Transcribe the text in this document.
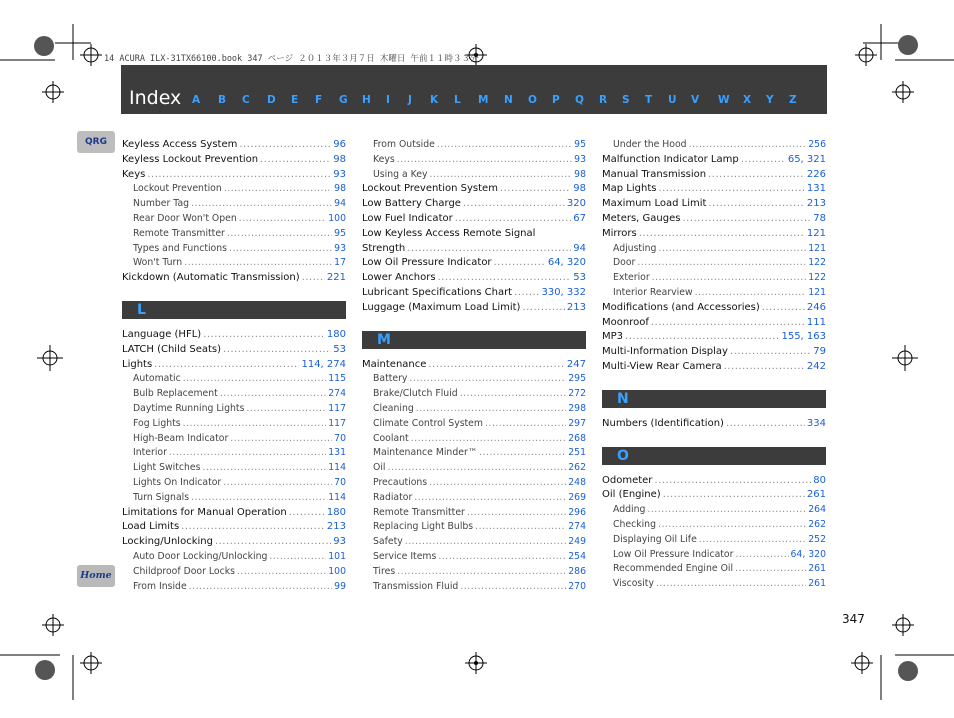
14 ACURA ILX-31TX66100.book 347 ページ ２０１３年３月７日 木曜日 午前１１時３３分
Index A B C D E F G H I J K L M N O P Q R S T U V W X Y Z
QRG
Home
Keyless Access System .....	96
Keyless Lockout Prevention .....	98
Keys .....	93
Lockout Prevention .....	98
Number Tag .....	94
Rear Door Won't Open .....	100
Remote Transmitter .....	95
Types and Functions .....	93
Won't Turn .....	17
Kickdown (Automatic Transmission) .....	221
L
Language (HFL) .....	180
LATCH (Child Seats) .....	53
Lights .....	114, 274
Automatic .....	115
Bulb Replacement .....	274
Daytime Running Lights .....	117
Fog Lights .....	117
High-Beam Indicator .....	70
Interior .....	131
Light Switches .....	114
Lights On Indicator .....	70
Turn Signals .....	114
Limitations for Manual Operation .....	180
Load Limits .....	213
Locking/Unlocking .....	93
Auto Door Locking/Unlocking .....	101
Childproof Door Locks .....	100
From Inside .....	99
From Outside .....	95
Keys .....	93
Using a Key .....	98
Lockout Prevention System .....	98
Low Battery Charge .....	320
Low Fuel Indicator .....	67
Low Keyless Access Remote Signal
Strength .....	94
Low Oil Pressure Indicator .....	64, 320
Lower Anchors .....	53
Lubricant Specifications Chart .....	330, 332
Luggage (Maximum Load Limit) .....	213
M
Maintenance .....	247
Battery .....	295
Brake/Clutch Fluid .....	272
Cleaning .....	298
Climate Control System .....	297
Coolant .....	268
Maintenance Minder™ .....	251
Oil .....	262
Precautions .....	248
Radiator .....	269
Remote Transmitter .....	296
Replacing Light Bulbs .....	274
Safety .....	249
Service Items .....	254
Tires .....	286
Transmission Fluid .....	270
Under the Hood .....	256
Malfunction Indicator Lamp .....	65, 321
Manual Transmission .....	226
Map Lights .....	131
Maximum Load Limit .....	213
Meters, Gauges .....	78
Mirrors .....	121
Adjusting .....	121
Door .....	122
Exterior .....	122
Interior Rearview .....	121
Modifications (and Accessories) .....	246
Moonroof .....	111
MP3 .....	155, 163
Multi-Information Display .....	79
Multi-View Rear Camera .....	242
N
Numbers (Identification) .....	334
O
Odometer .....	80
Oil (Engine) .....	261
Adding .....	264
Checking .....	262
Displaying Oil Life .....	252
Low Oil Pressure Indicator .....	64, 320
Recommended Engine Oil .....	261
Viscosity .....	261
347
